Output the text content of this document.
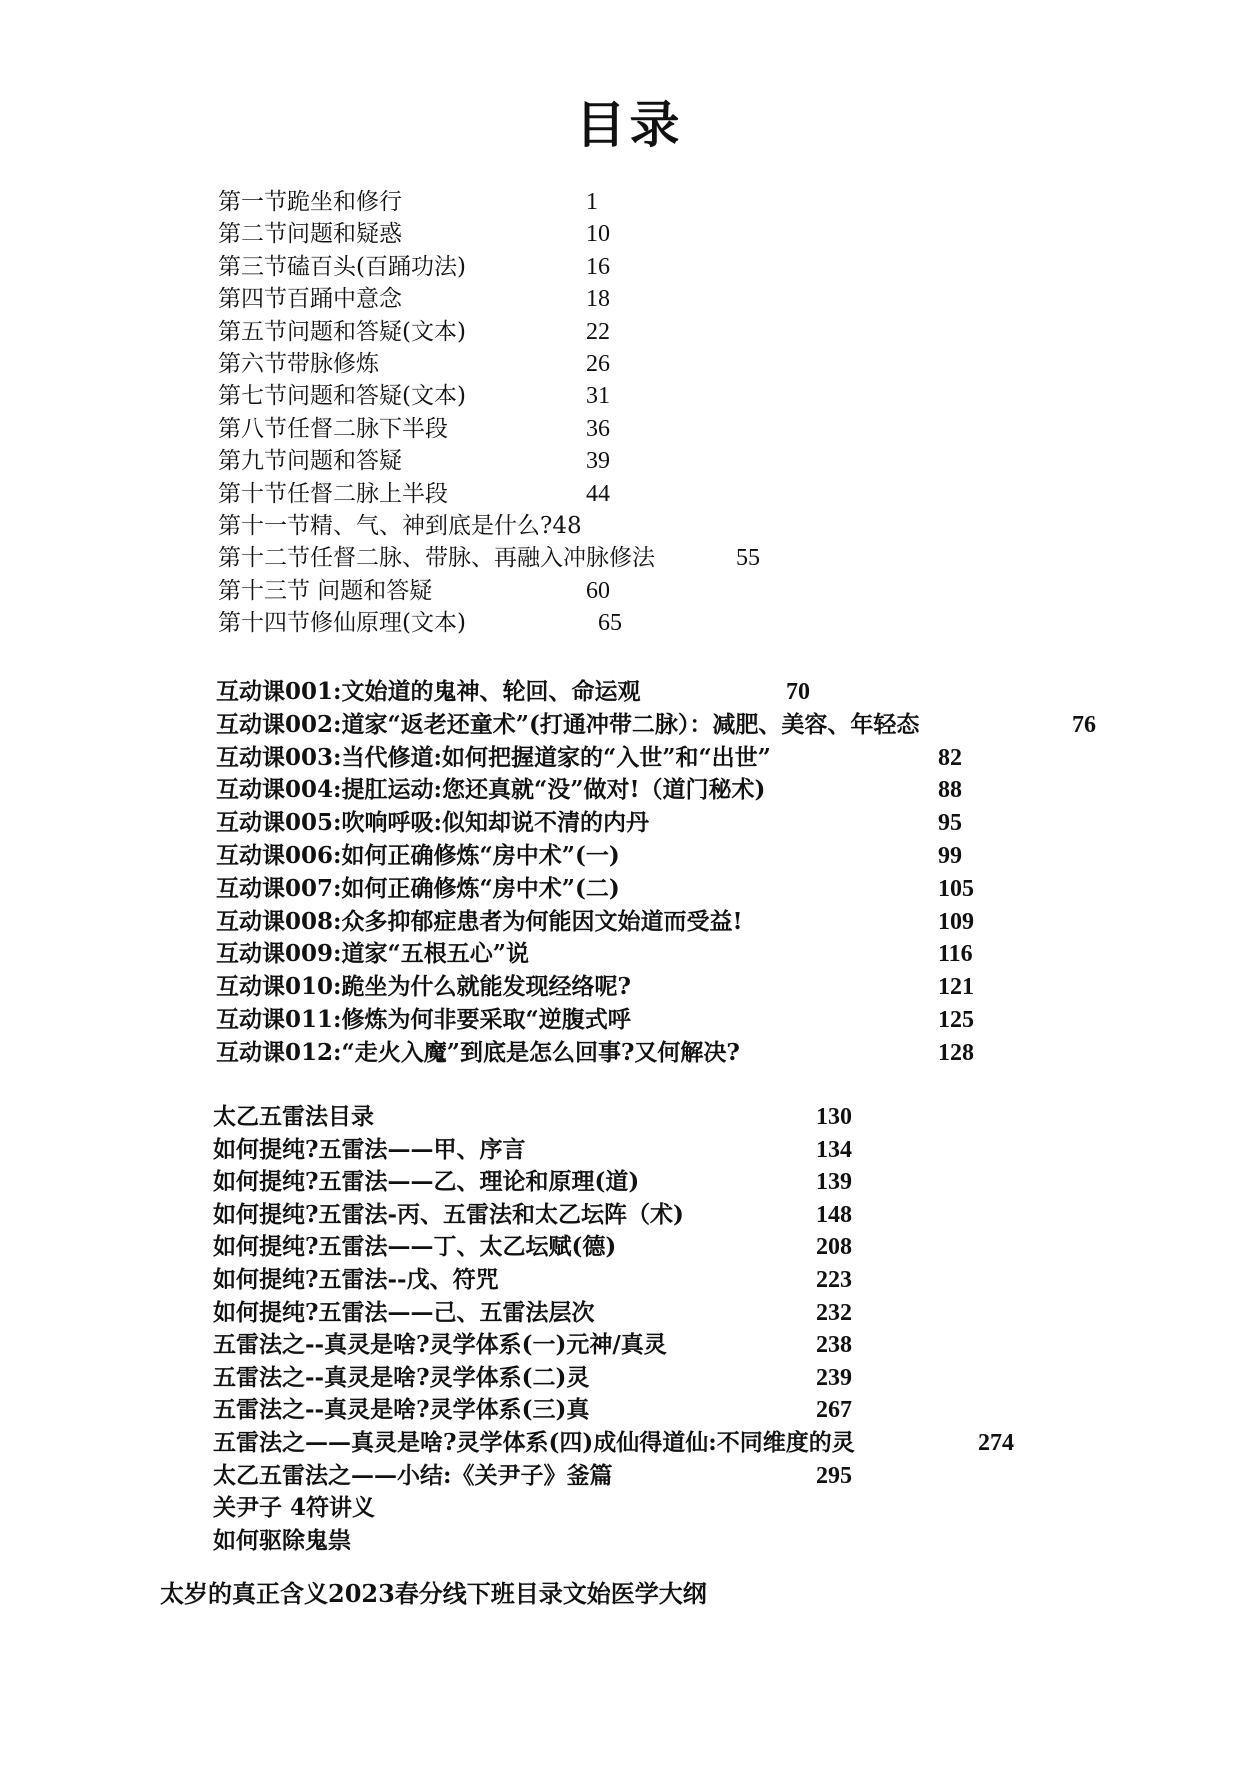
目录
第一节跪坐和修行	1
第二节问题和疑惑	10
第三节磕百头(百踊功法)	16
第四节百踊中意念	18
第五节问题和答疑(文本)	22
第六节带脉修炼	26
第七节问题和答疑(文本)	31
第八节任督二脉下半段	36
第九节问题和答疑	39
第十节任督二脉上半段	44
第十一节精、气、神到底是什么?48
第十二节任督二脉、带脉、再融入冲脉修法	55
第十三节 问题和答疑	60
第十四节修仙原理(文本)	65
互动课001:文始道的鬼神、轮回、命运观	70
互动课002:道家“返老还童术”(打通冲带二脉）：减肥、美容、年轻态	76
互动课003:当代修道:如何把握道家的“入世”和“出世”	82
互动课004:提肛运动:您还真就“没”做对!（道门秘术)	88
互动课005:吹响呼吸:似知却说不清的内丹	95
互动课006:如何正确修炼“房中术”(一)	99
互动课007:如何正确修炼“房中术”(二)	105
互动课008:众多抑郁症患者为何能因文始道而受益!	109
互动课009:道家“五根五心”说	116
互动课010:跪坐为什么就能发现经络呢?	121
互动课011:修炼为何非要采取“逆腹式呼	125
互动课012:“走火入魔”到底是怎么回事?又何解决?	128
太乙五雷法目录	130
如何提纯?五雷法——甲、序言	134
如何提纯?五雷法——乙、理论和原理(道)	139
如何提纯?五雷法-丙、五雷法和太乙坛阵（术)	148
如何提纯?五雷法——丁、太乙坛赋(德)	208
如何提纯?五雷法--戊、符咒	223
如何提纯?五雷法——己、五雷法层次	232
五雷法之--真灵是啥?灵学体系(一)元神/真灵	238
五雷法之--真灵是啥?灵学体系(二)灵	239
五雷法之--真灵是啥?灵学体系(三)真	267
五雷法之——真灵是啥?灵学体系(四)成仙得道仙:不同维度的灵	274
太乙五雷法之——小结:《关尹子》釜篇	295
关尹子 4符讲义
如何驱除鬼祟
太岁的真正含义2023春分线下班目录文始医学大纲
